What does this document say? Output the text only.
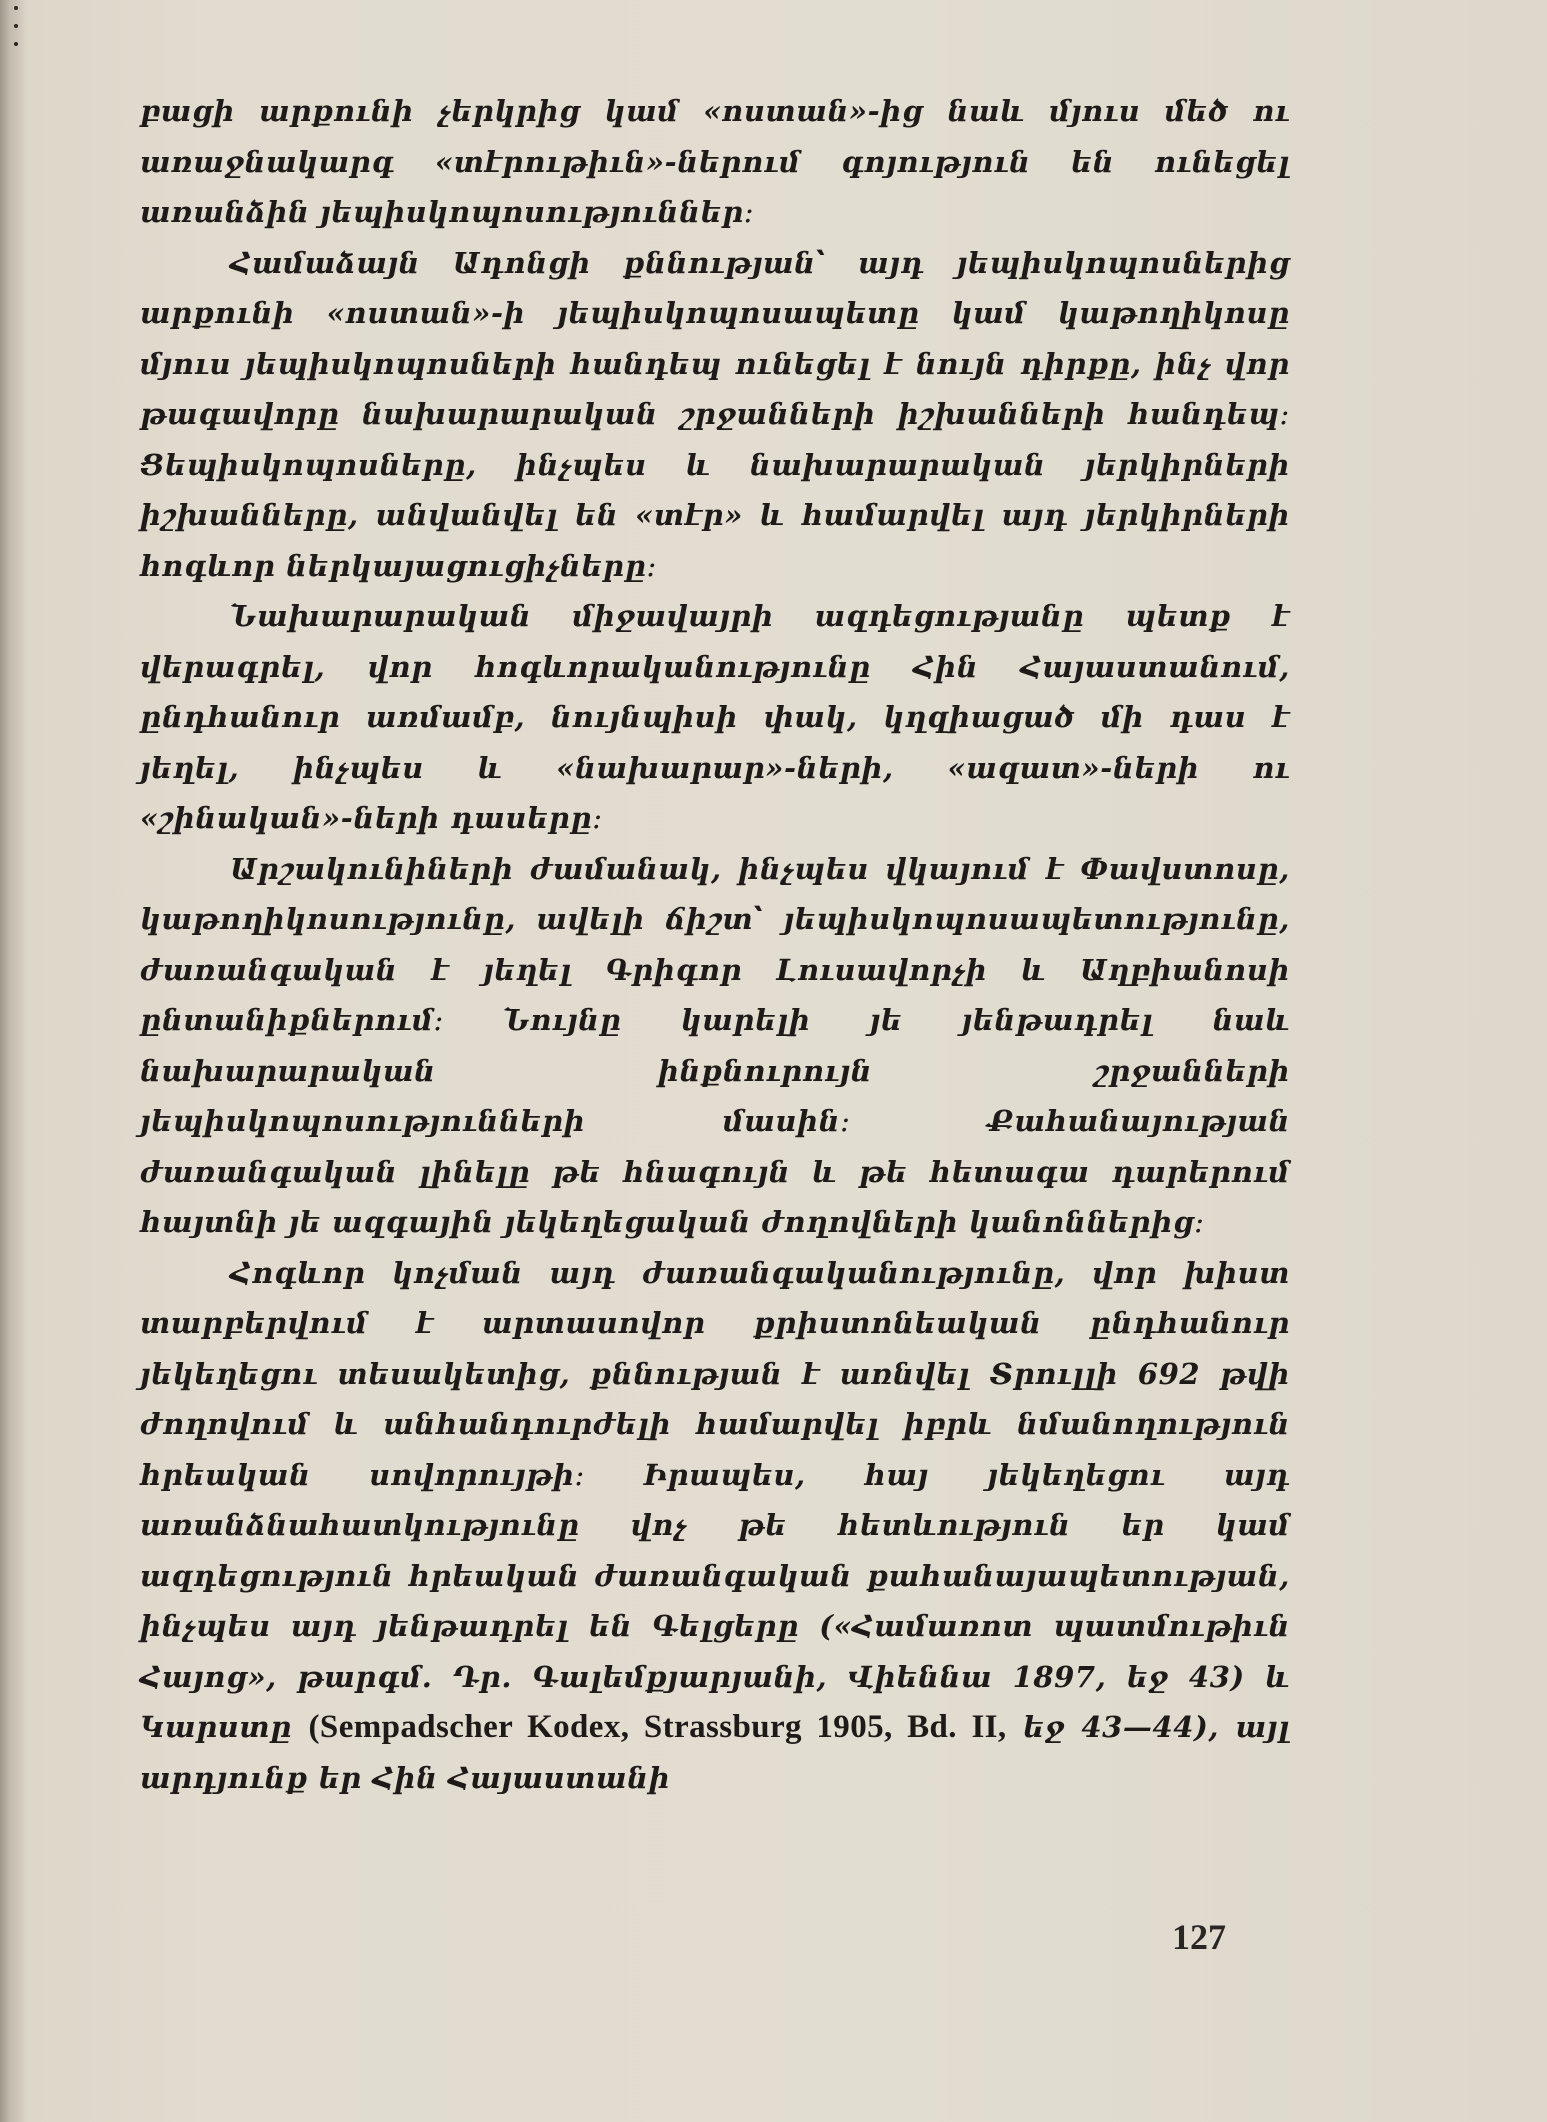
բացի արքունի չերկրից կամ «ոստան»-ից նաև մյուս մեծ ու առաջնակարգ «տէրութիւն»-ներում գոյություն են ունեցել առանձին յեպիսկոպոսություններ։

Համաձայն Ադոնցի քննության՝ այդ յեպիսկոպոսներից արքունի «ոստան»-ի յեպիսկոպոսապետը կամ կաթողիկոսը մյուս յեպիսկոպոսների հանդեպ ունեցել է նույն դիրքը, ինչ վոր թագավորը նախարարական շրջանների իշխանների հանդեպ։ Ցեպիսկոպոսները, ինչպես և նախարարական յերկիրների իշխանները, անվանվել են «տէր» և համարվել այդ յերկիրների հոգևոր ներկայացուցիչները։

Նախարարական միջավայրի ազդեցությանը պետք է վերագրել, վոր հոգևորականությունը Հին Հայաստանում, ընդհանուր առմամբ, նույնպիսի փակ, կղզիացած մի դաս է յեղել, ինչպես և «նախարար»-ների, «ազատ»-ների ու «շինական»-ների դասերը։

Արշակունիների ժամանակ, ինչպես վկայում է Փավստոսը, կաթողիկոսությունը, ավելի ճիշտ՝ յեպիսկոպոսապետությունը, ժառանգական է յեղել Գրիգոր Լուսավորչի և Աղբիանոսի ընտանիքներում։ Նույնը կարելի յե յենթադրել նաև նախարարական ինքնուրույն շրջանների յեպիսկոպոսությունների մասին։ Քահանայության ժառանգական լինելը թե հնագույն և թե հետագա դարերում հայտնի յե ազգային յեկեղեցական ժողովների կանոններից։

Հոգևոր կոչման այդ ժառանգականությունը, վոր խիստ տարբերվում է արտասովոր քրիստոնեական ընդհանուր յեկեղեցու տեսակետից, քննության է առնվել Տրուլլի 692 թվի ժողովում և անհանդուրժելի համարվել իբրև նմանողություն հրեական սովորույթի։ Իրապես, հայ յեկեղեցու այդ առանձնահատկությունը վոչ թե հետևություն եր կամ ազդեցություն հրեական ժառանգական քահանայապետության, ինչպես այդ յենթադրել են Գելցերը («Համառոտ պատմութիւն Հայոց», թարգմ. Դր. Գալեմքյարյանի, Վիեննա 1897, եջ 43) և Կարստը (Sempadscher Kodex, Strassburg 1905, Bd. II, եջ 43—44), այլ արդյունք եր Հին Հայաստանի

127
